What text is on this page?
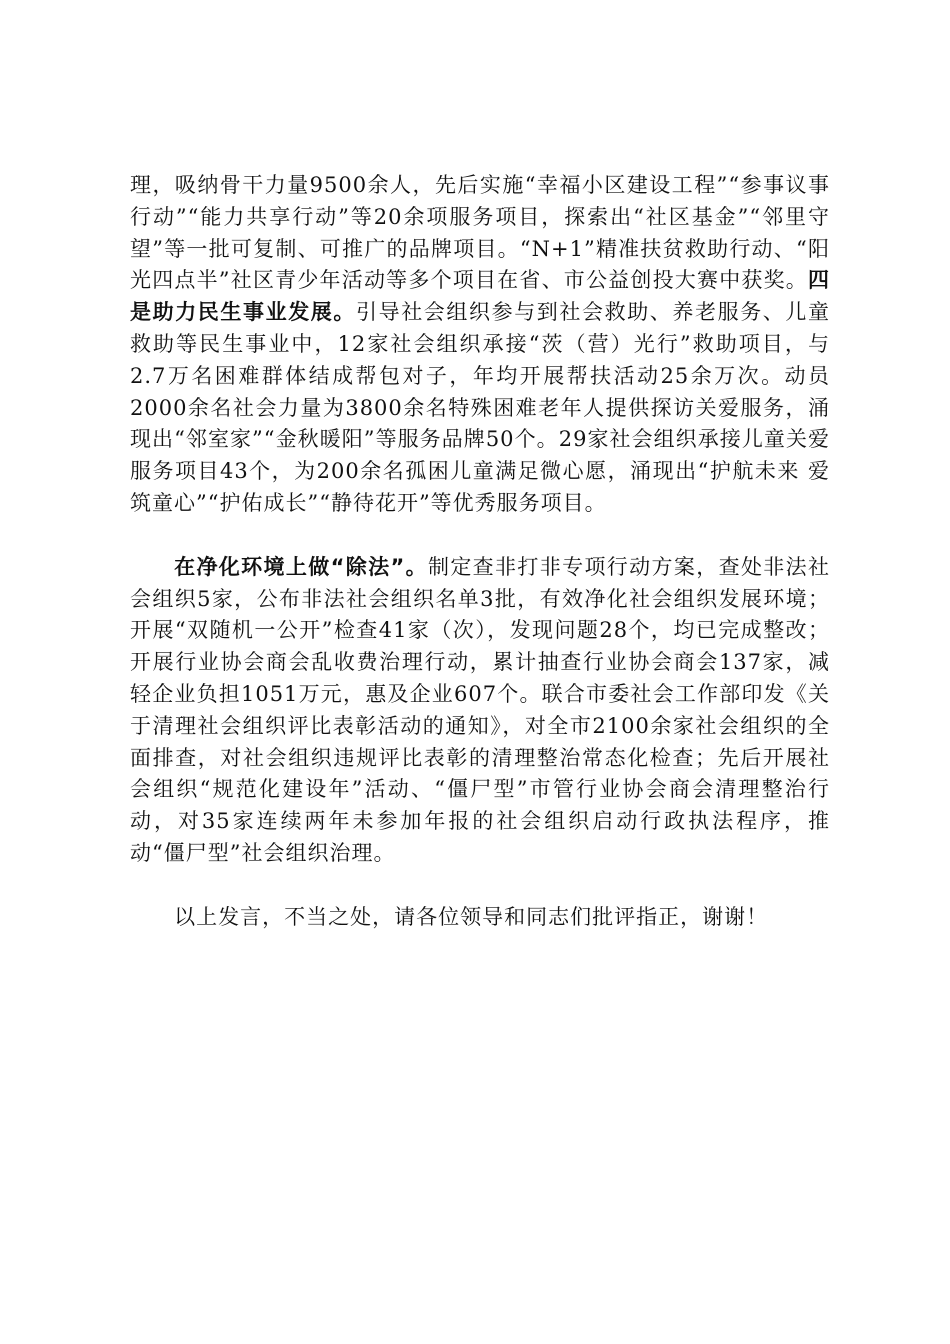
理，吸纳骨干力量9500余人，先后实施“幸福小区建设工程”“参事议事行动”“能力共享行动”等20余项服务项目，探索出“社区基金”“邻里守望”等一批可复制、可推广的品牌项目。“N+1”精准扶贫救助行动、“阳光四点半”社区青少年活动等多个项目在省、市公益创投大赛中获奖。四是助力民生事业发展。引导社会组织参与到社会救助、养老服务、儿童救助等民生事业中，12家社会组织承接“茨（营）光行”救助项目，与2.7万名困难群体结成帮包对子，年均开展帮扶活动25余万次。动员2000余名社会力量为3800余名特殊困难老年人提供探访关爱服务，涌现出“邻室家”“金秋暖阳”等服务品牌50个。29家社会组织承接儿童关爱服务项目43个，为200余名孤困儿童满足微心愿，涌现出“护航未来 爱筑童心”“护佑成长”“静待花开”等优秀服务项目。

在净化环境上做“除法”。制定查非打非专项行动方案，查处非法社会组织5家，公布非法社会组织名单3批，有效净化社会组织发展环境；开展“双随机一公开”检查41家（次），发现问题28个，均已完成整改；开展行业协会商会乱收费治理行动，累计抽查行业协会商会137家，减轻企业负担1051万元，惠及企业607个。联合市委社会工作部印发《关于清理社会组织评比表彰活动的通知》，对全市2100余家社会组织的全面排查，对社会组织违规评比表彰的清理整治常态化检查；先后开展社会组织“规范化建设年”活动、“僵尸型”市管行业协会商会清理整治行动，对35家连续两年未参加年报的社会组织启动行政执法程序，推动“僵尸型”社会组织治理。

以上发言，不当之处，请各位领导和同志们批评指正，谢谢！
